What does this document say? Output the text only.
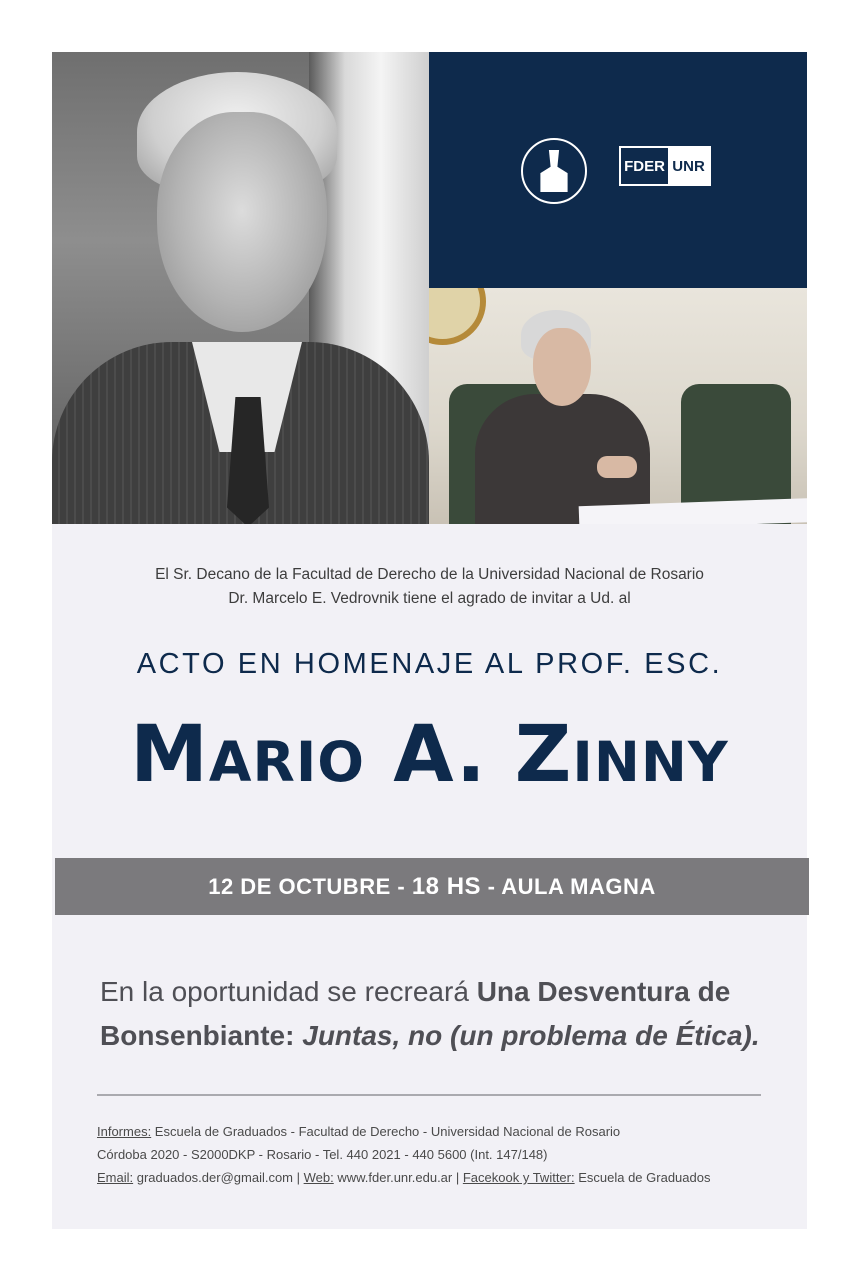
FDER UNR
El Sr. Decano de la Facultad de Derecho de la Universidad Nacional de Rosario
Dr. Marcelo E. Vedrovnik tiene el agrado de invitar a Ud. al
ACTO EN HOMENAJE AL PROF. ESC.
Mario A. Zinny
12 DE OCTUBRE - 18 HS - AULA MAGNA
En la oportunidad se recreará Una Desventura de Bonsenbiante: Juntas, no (un problema de Ética).
Informes: Escuela de Graduados - Facultad de Derecho - Universidad Nacional de Rosario
Córdoba 2020 - S2000DKP - Rosario - Tel. 440 2021 - 440 5600 (Int. 147/148)
Email: graduados.der@gmail.com | Web: www.fder.unr.edu.ar | Facekook y Twitter: Escuela de Graduados
